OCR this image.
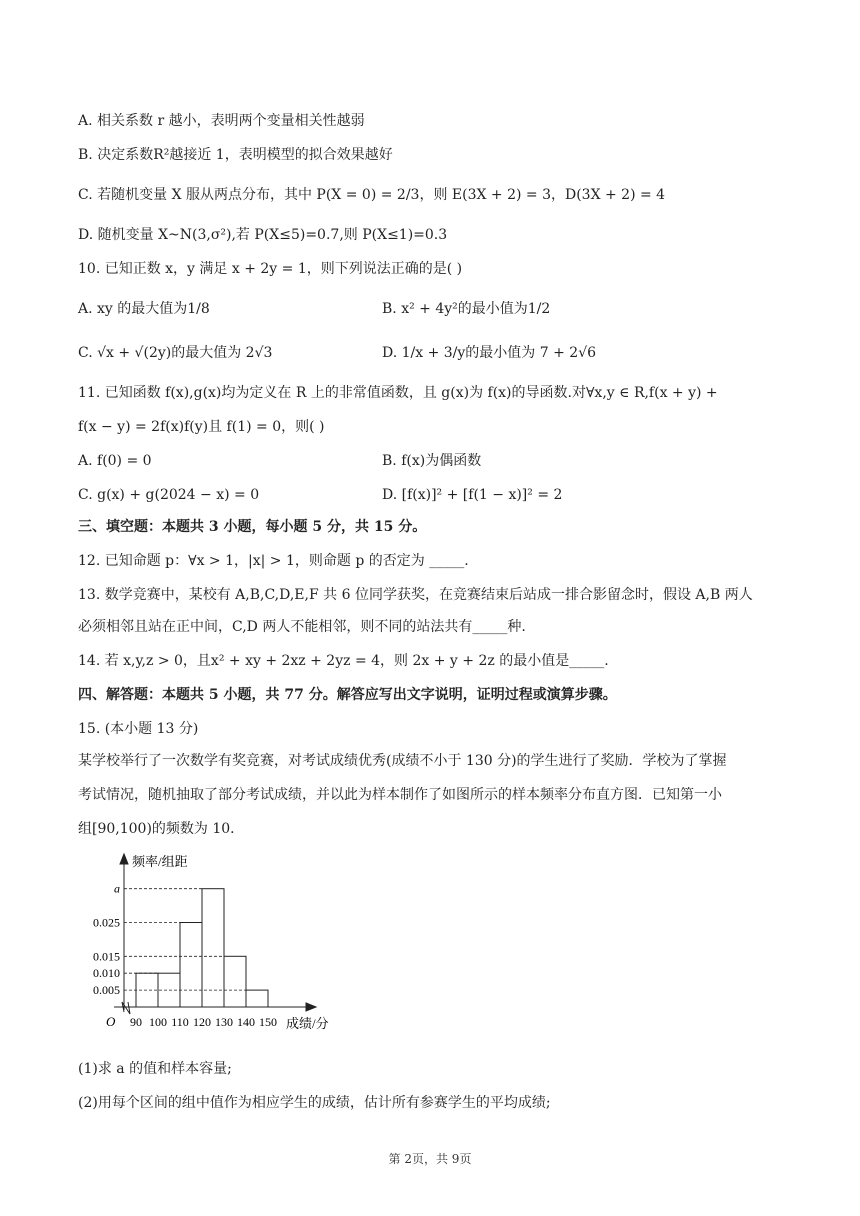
A. 相关系数 r 越小，表明两个变量相关性越弱
B. 决定系数R²越接近 1，表明模型的拟合效果越好
C. 若随机变量 X 服从两点分布，其中 P(X = 0) = 2/3，则 E(3X + 2) = 3，D(3X + 2) = 4
D. 随机变量 X~N(3,σ²),若 P(X≤5)=0.7,则 P(X≤1)=0.3
10. 已知正数 x，y 满足 x + 2y = 1，则下列说法正确的是( )
A. xy 的最大值为1/8	B. x² + 4y²的最小值为1/2
C. √x + √(2y)的最大值为 2√3	D. 1/x + 3/y的最小值为 7 + 2√6
11. 已知函数 f(x),g(x)均为定义在 R 上的非常值函数，且 g(x)为 f(x)的导函数.对∀x,y ∈ R,f(x + y) +
f(x − y) = 2f(x)f(y)且 f(1) = 0，则( )
A. f(0) = 0	B. f(x)为偶函数
C. g(x) + g(2024 − x) = 0	D. [f(x)]² + [f(1 − x)]² = 2
三、填空题：本题共 3 小题，每小题 5 分，共 15 分。
12. 已知命题 p：∀x > 1，|x| > 1，则命题 p 的否定为 _____.
13. 数学竞赛中，某校有 A,B,C,D,E,F 共 6 位同学获奖，在竞赛结束后站成一排合影留念时，假设 A,B 两人
必须相邻且站在正中间，C,D 两人不能相邻，则不同的站法共有_____种.
14. 若 x,y,z > 0，且x² + xy + 2xz + 2yz = 4，则 2x + y + 2z 的最小值是_____.
四、解答题：本题共 5 小题，共 77 分。解答应写出文字说明，证明过程或演算步骤。
15. (本小题 13 分)
某学校举行了一次数学有奖竞赛，对考试成绩优秀(成绩不小于 130 分)的学生进行了奖励．学校为了掌握
考试情况，随机抽取了部分考试成绩，并以此为样本制作了如图所示的样本频率分布直方图．已知第一小
组[90,100)的频数为 10．
0.005
0.010
0.015
0.025
a
90 100 110 120 130 140 150
O
频率/组距
成绩/分
(1)求 a 的值和样本容量;
(2)用每个区间的组中值作为相应学生的成绩，估计所有参赛学生的平均成绩;
第 2页，共 9页
